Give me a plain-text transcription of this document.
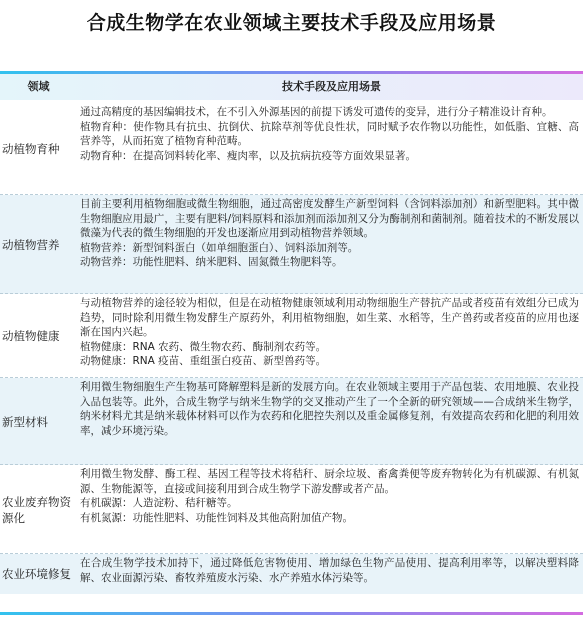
合成生物学在农业领域主要技术手段及应用场景
领域	技术手段及应用场景
动植物育种

通过高精度的基因编辑技术，在不引入外源基因的前提下诱发可遗传的变异，进行分子精准设计育种。

植物育种：使作物具有抗虫、抗倒伏、抗除草剂等优良性状，同时赋予农作物以功能性，如低脂、宜糖、高营养等，从而拓宽了植物育种范畴。

动物育种：在提高饲料转化率、瘦肉率，以及抗病抗疫等方面效果显著。

动植物营养

目前主要利用植物细胞或微生物细胞，通过高密度发酵生产新型饲料（含饲料添加剂）和新型肥料。其中微生物细胞应用最广，主要有肥料/饲料原料和添加剂而添加剂又分为酶制剂和菌制剂。随着技术的不断发展以微藻为代表的微生物细胞的开发也逐渐应用到动植物营养领域。

植物营养：新型饲料蛋白（如单细胞蛋白）、饲料添加剂等。

动物营养：功能性肥料、纳米肥料、固氮微生物肥料等。

动植物健康

与动植物营养的途径较为相似，但是在动植物健康领域利用动物细胞生产替抗产品或者疫苗有效组分已成为趋势，同时除利用微生物发酵生产原药外，利用植物细胞，如生菜、水稻等，生产兽药或者疫苗的应用也逐渐在国内兴起。

植物健康：RNA 农药、微生物农药、酶制剂农药等。

动物健康：RNA 疫苗、重组蛋白疫苗、新型兽药等。

新型材料

利用微生物细胞生产生物基可降解塑料是新的发展方向。在农业领域主要用于产品包装、农用地膜、农业投入品包装等。此外，合成生物学与纳米生物学的交叉推动产生了一个全新的研究领域——合成纳米生物学，纳米材料尤其是纳米载体材料可以作为农药和化肥控失剂以及重金属修复剂，有效提高农药和化肥的利用效率，减少环境污染。

农业废弃物资源化

利用微生物发酵、酶工程、基因工程等技术将秸秆、厨余垃圾、畜禽粪便等废弃物转化为有机碳源、有机氮源、生物能源等，直接或间接利用到合成生物学下游发酵或者产品。

有机碳源：人造淀粉、秸秆糖等。

有机氮源：功能性肥料、功能性饲料及其他高附加值产物。

农业环境修复

在合成生物学技术加持下，通过降低危害物使用、增加绿色生物产品使用、提高利用率等，以解决塑料降解、农业面源污染、畜牧养殖废水污染、水产养殖水体污染等。
